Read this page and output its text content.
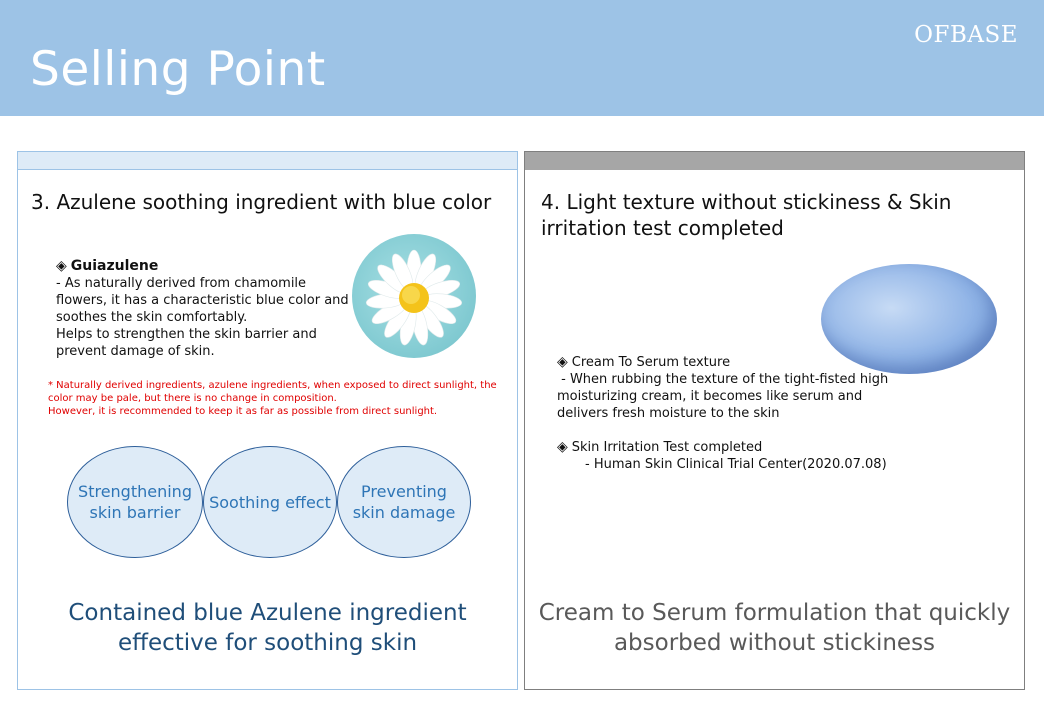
Selling Point
OFBASE
3. Azulene soothing ingredient with blue color
◈ Guiazulene
- As naturally derived from chamomile
flowers, it has a characteristic blue color and
soothes the skin comfortably.
Helps to strengthen the skin barrier and
prevent damage of skin.
* Naturally derived ingredients, azulene ingredients, when exposed to direct sunlight, the
color may be pale, but there is no change in composition.
However, it is recommended to keep it as far as possible from direct sunlight.
Strengthening
skin barrier
Soothing effect
Preventing
skin damage
Contained blue Azulene ingredient
effective for soothing skin
4. Light texture without stickiness & Skin
irritation test completed
◈ Cream To Serum texture
- When rubbing the texture of the tight-fisted high
moisturizing cream, it becomes like serum and
delivers fresh moisture to the skin
◈ Skin Irritation Test completed
- Human Skin Clinical Trial Center(2020.07.08)
Cream to Serum formulation that quickly
absorbed without stickiness
